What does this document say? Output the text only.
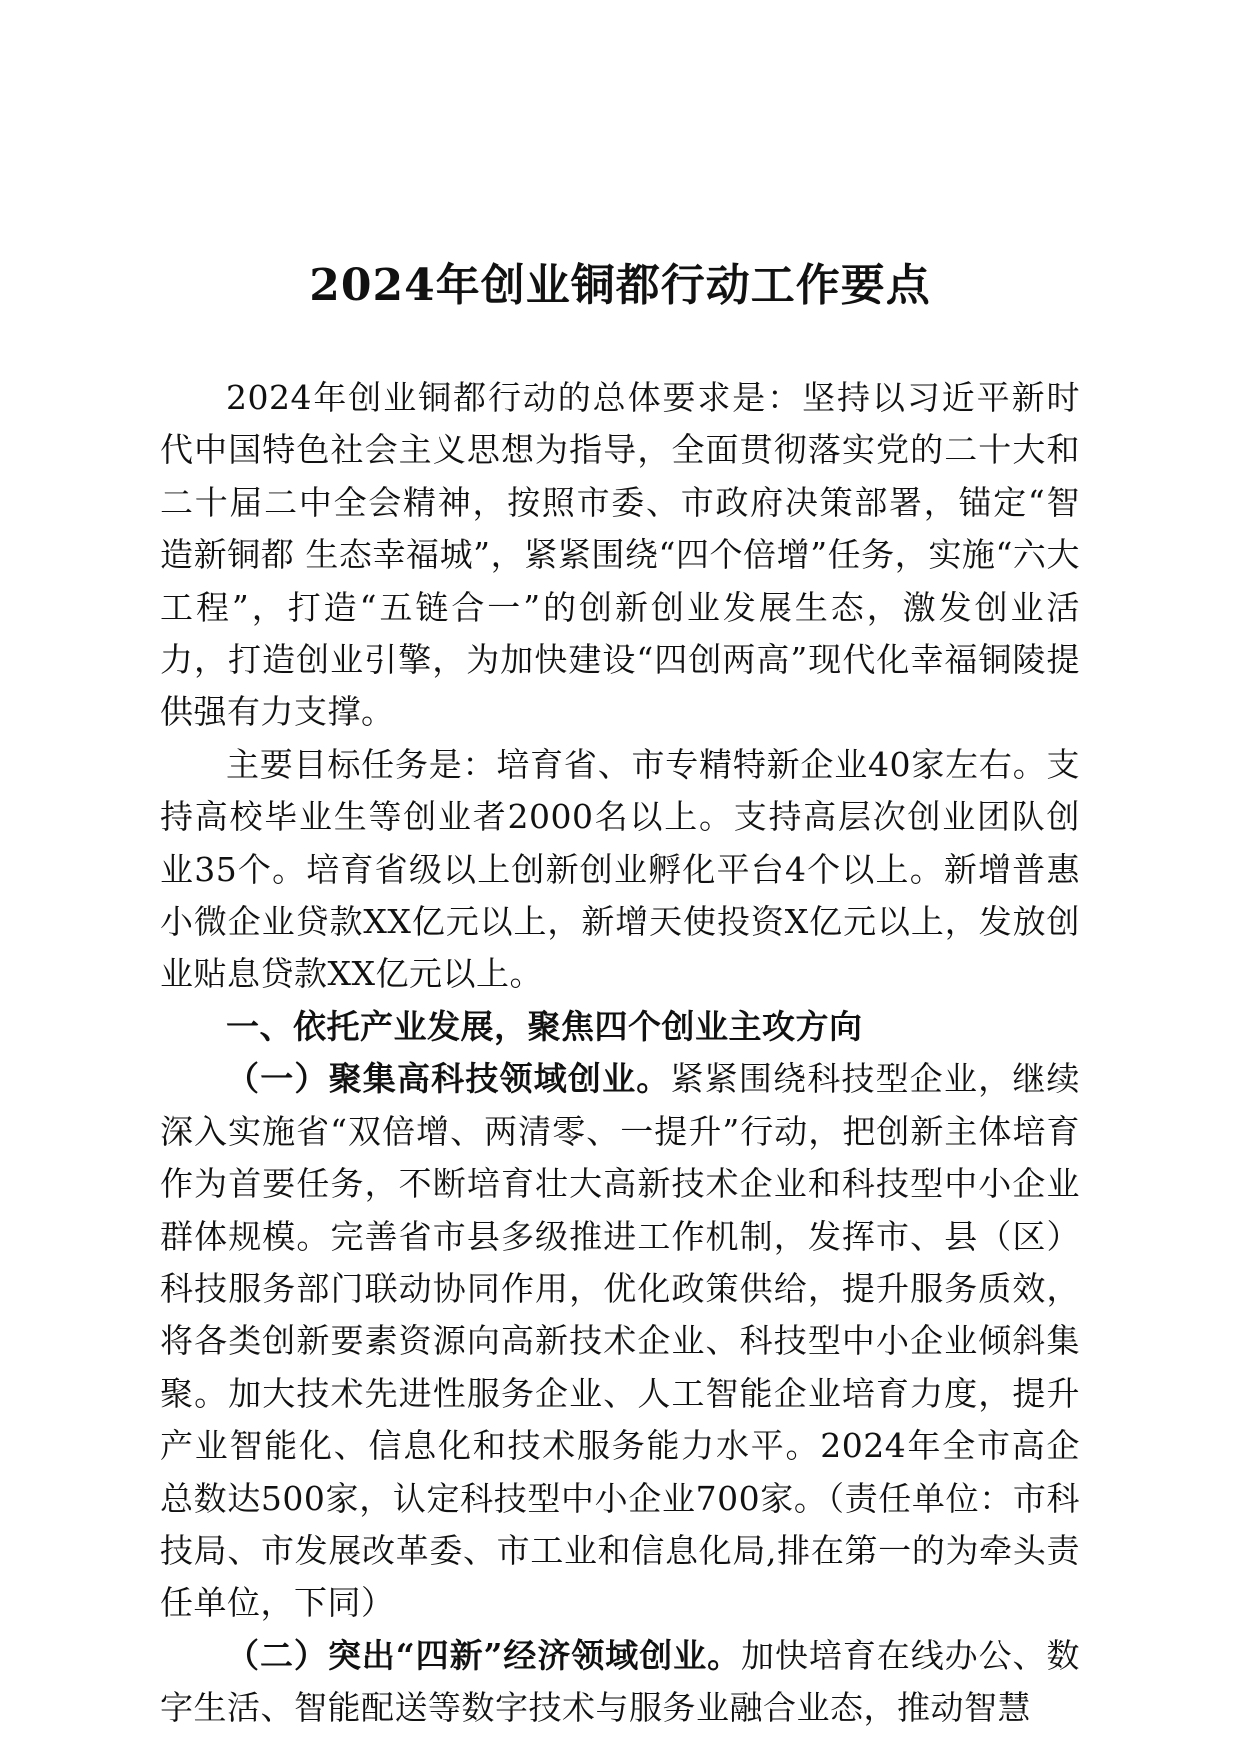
2024年创业铜都行动工作要点

2024年创业铜都行动的总体要求是：坚持以习近平新时代中国特色社会主义思想为指导，全面贯彻落实党的二十大和二十届二中全会精神，按照市委、市政府决策部署，锚定“智造新铜都 生态幸福城”，紧紧围绕“四个倍增”任务，实施“六大工程”，打造“五链合一”的创新创业发展生态，激发创业活力，打造创业引擎，为加快建设“四创两高”现代化幸福铜陵提供强有力支撑。

主要目标任务是：培育省、市专精特新企业40家左右。支持高校毕业生等创业者2000名以上。支持高层次创业团队创业35个。培育省级以上创新创业孵化平台4个以上。新增普惠小微企业贷款XX亿元以上，新增天使投资X亿元以上，发放创业贴息贷款XX亿元以上。

一、依托产业发展，聚焦四个创业主攻方向

（一）聚集高科技领域创业。紧紧围绕科技型企业，继续深入实施省“双倍增、两清零、一提升”行动，把创新主体培育作为首要任务，不断培育壮大高新技术企业和科技型中小企业群体规模。完善省市县多级推进工作机制，发挥市、县（区）科技服务部门联动协同作用，优化政策供给，提升服务质效，将各类创新要素资源向高新技术企业、科技型中小企业倾斜集聚。加大技术先进性服务企业、人工智能企业培育力度，提升产业智能化、信息化和技术服务能力水平。2024年全市高企总数达500家，认定科技型中小企业700家。（责任单位：市科技局、市发展改革委、市工业和信息化局,排在第一的为牵头责任单位，下同）

（二）突出“四新”经济领域创业。加快培育在线办公、数字生活、智能配送等数字技术与服务业融合业态，推动智慧
